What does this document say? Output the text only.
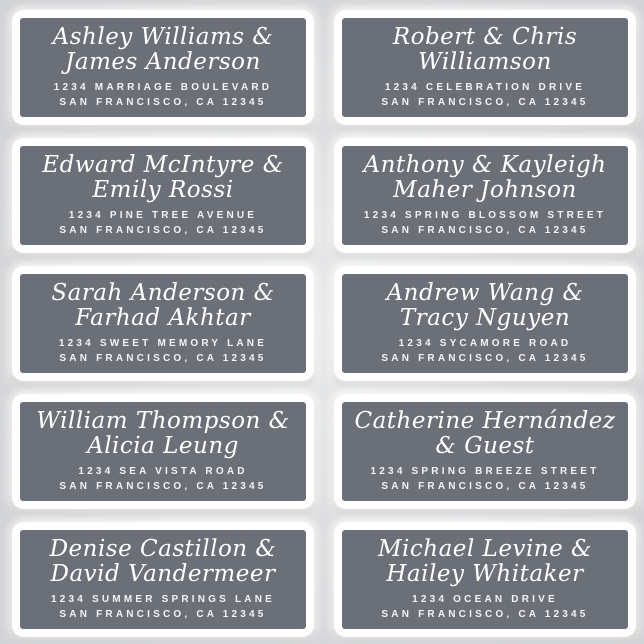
Ashley Williams &
James Anderson
1234 MARRIAGE BOULEVARD
SAN FRANCISCO, CA 12345
Robert & Chris
Williamson
1234 CELEBRATION DRIVE
SAN FRANCISCO, CA 12345
Edward McIntyre &
Emily Rossi
1234 PINE TREE AVENUE
SAN FRANCISCO, CA 12345
Anthony & Kayleigh
Maher Johnson
1234 SPRING BLOSSOM STREET
SAN FRANCISCO, CA 12345
Sarah Anderson &
Farhad Akhtar
1234 SWEET MEMORY LANE
SAN FRANCISCO, CA 12345
Andrew Wang &
Tracy Nguyen
1234 SYCAMORE ROAD
SAN FRANCISCO, CA 12345
William Thompson &
Alicia Leung
1234 SEA VISTA ROAD
SAN FRANCISCO, CA 12345
Catherine Hernández
& Guest
1234 SPRING BREEZE STREET
SAN FRANCISCO, CA 12345
Denise Castillon &
David Vandermeer
1234 SUMMER SPRINGS LANE
SAN FRANCISCO, CA 12345
Michael Levine &
Hailey Whitaker
1234 OCEAN DRIVE
SAN FRANCISCO, CA 12345
